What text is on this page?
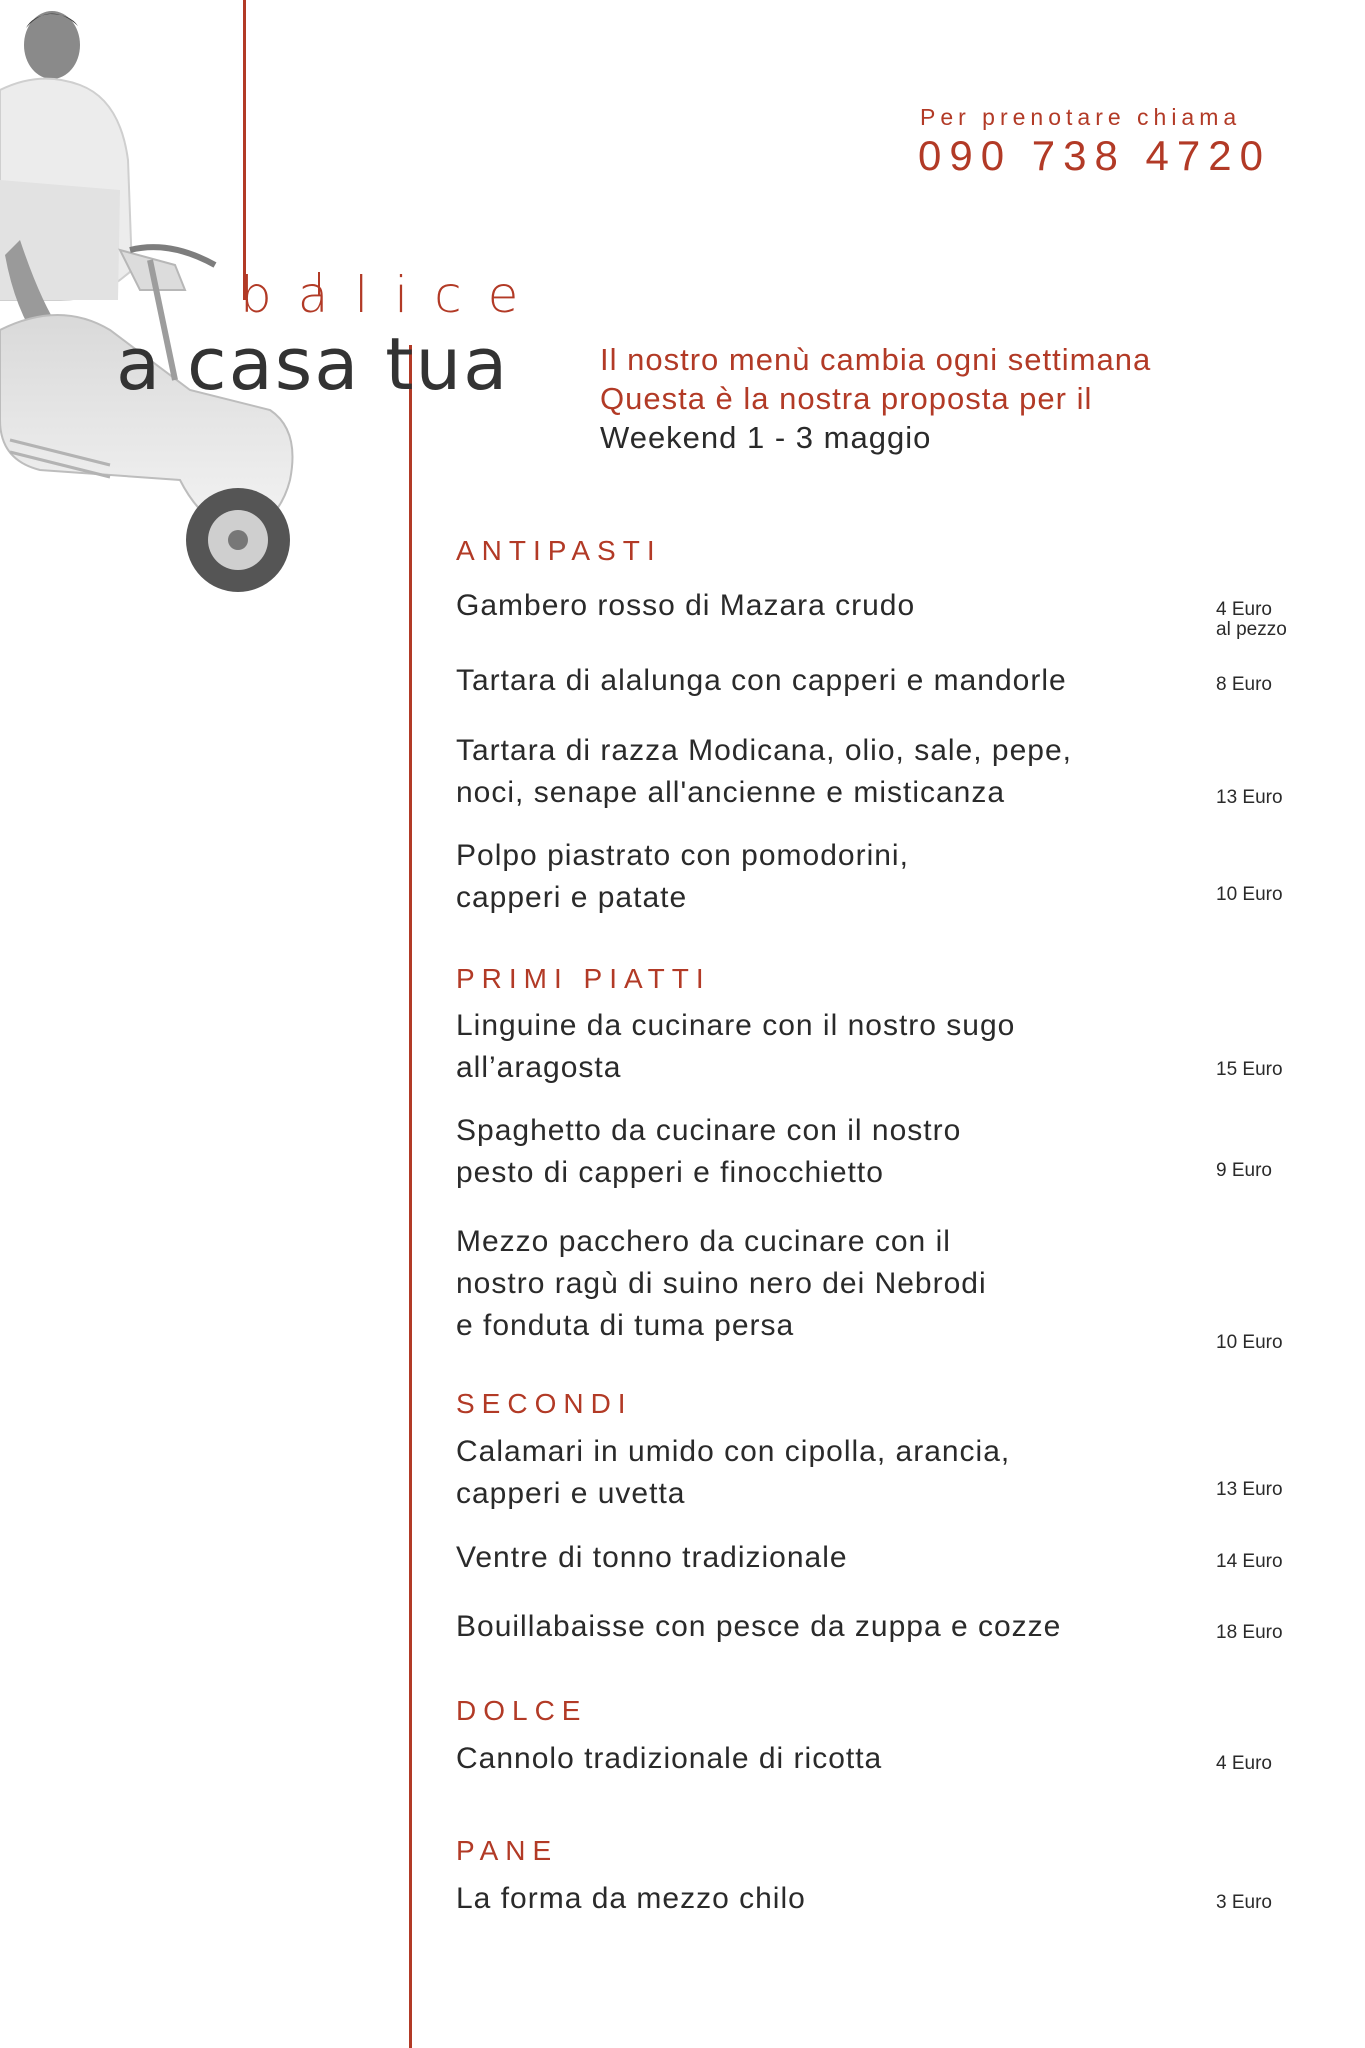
Per prenotare chiama
090 738 4720
balice
a casa tua	Il nostro menù cambia ogni settimana
Questa è la nostra proposta per il
Weekend 1 - 3 maggio
ANTIPASTI
Gambero rosso di Mazara crudo	4 Euro
al pezzo
Tartara di alalunga con capperi e mandorle	8 Euro
Tartara di razza Modicana, olio, sale, pepe,
noci, senape all'ancienne e misticanza	13 Euro
Polpo piastrato con pomodorini,
capperi e patate	10 Euro
PRIMI PIATTI
Linguine da cucinare con il nostro sugo
all’aragosta	15 Euro
Spaghetto da cucinare con il nostro
pesto di capperi e finocchietto	9 Euro
Mezzo pacchero da cucinare con il
nostro ragù di suino nero dei Nebrodi
e fonduta di tuma persa
10 Euro
SECONDI
Calamari in umido con cipolla, arancia,
capperi e uvetta	13 Euro
Ventre di tonno tradizionale	14 Euro
Bouillabaisse con pesce da zuppa e cozze	18 Euro
DOLCE
Cannolo tradizionale di ricotta	4 Euro
PANE
La forma da mezzo chilo	3 Euro
